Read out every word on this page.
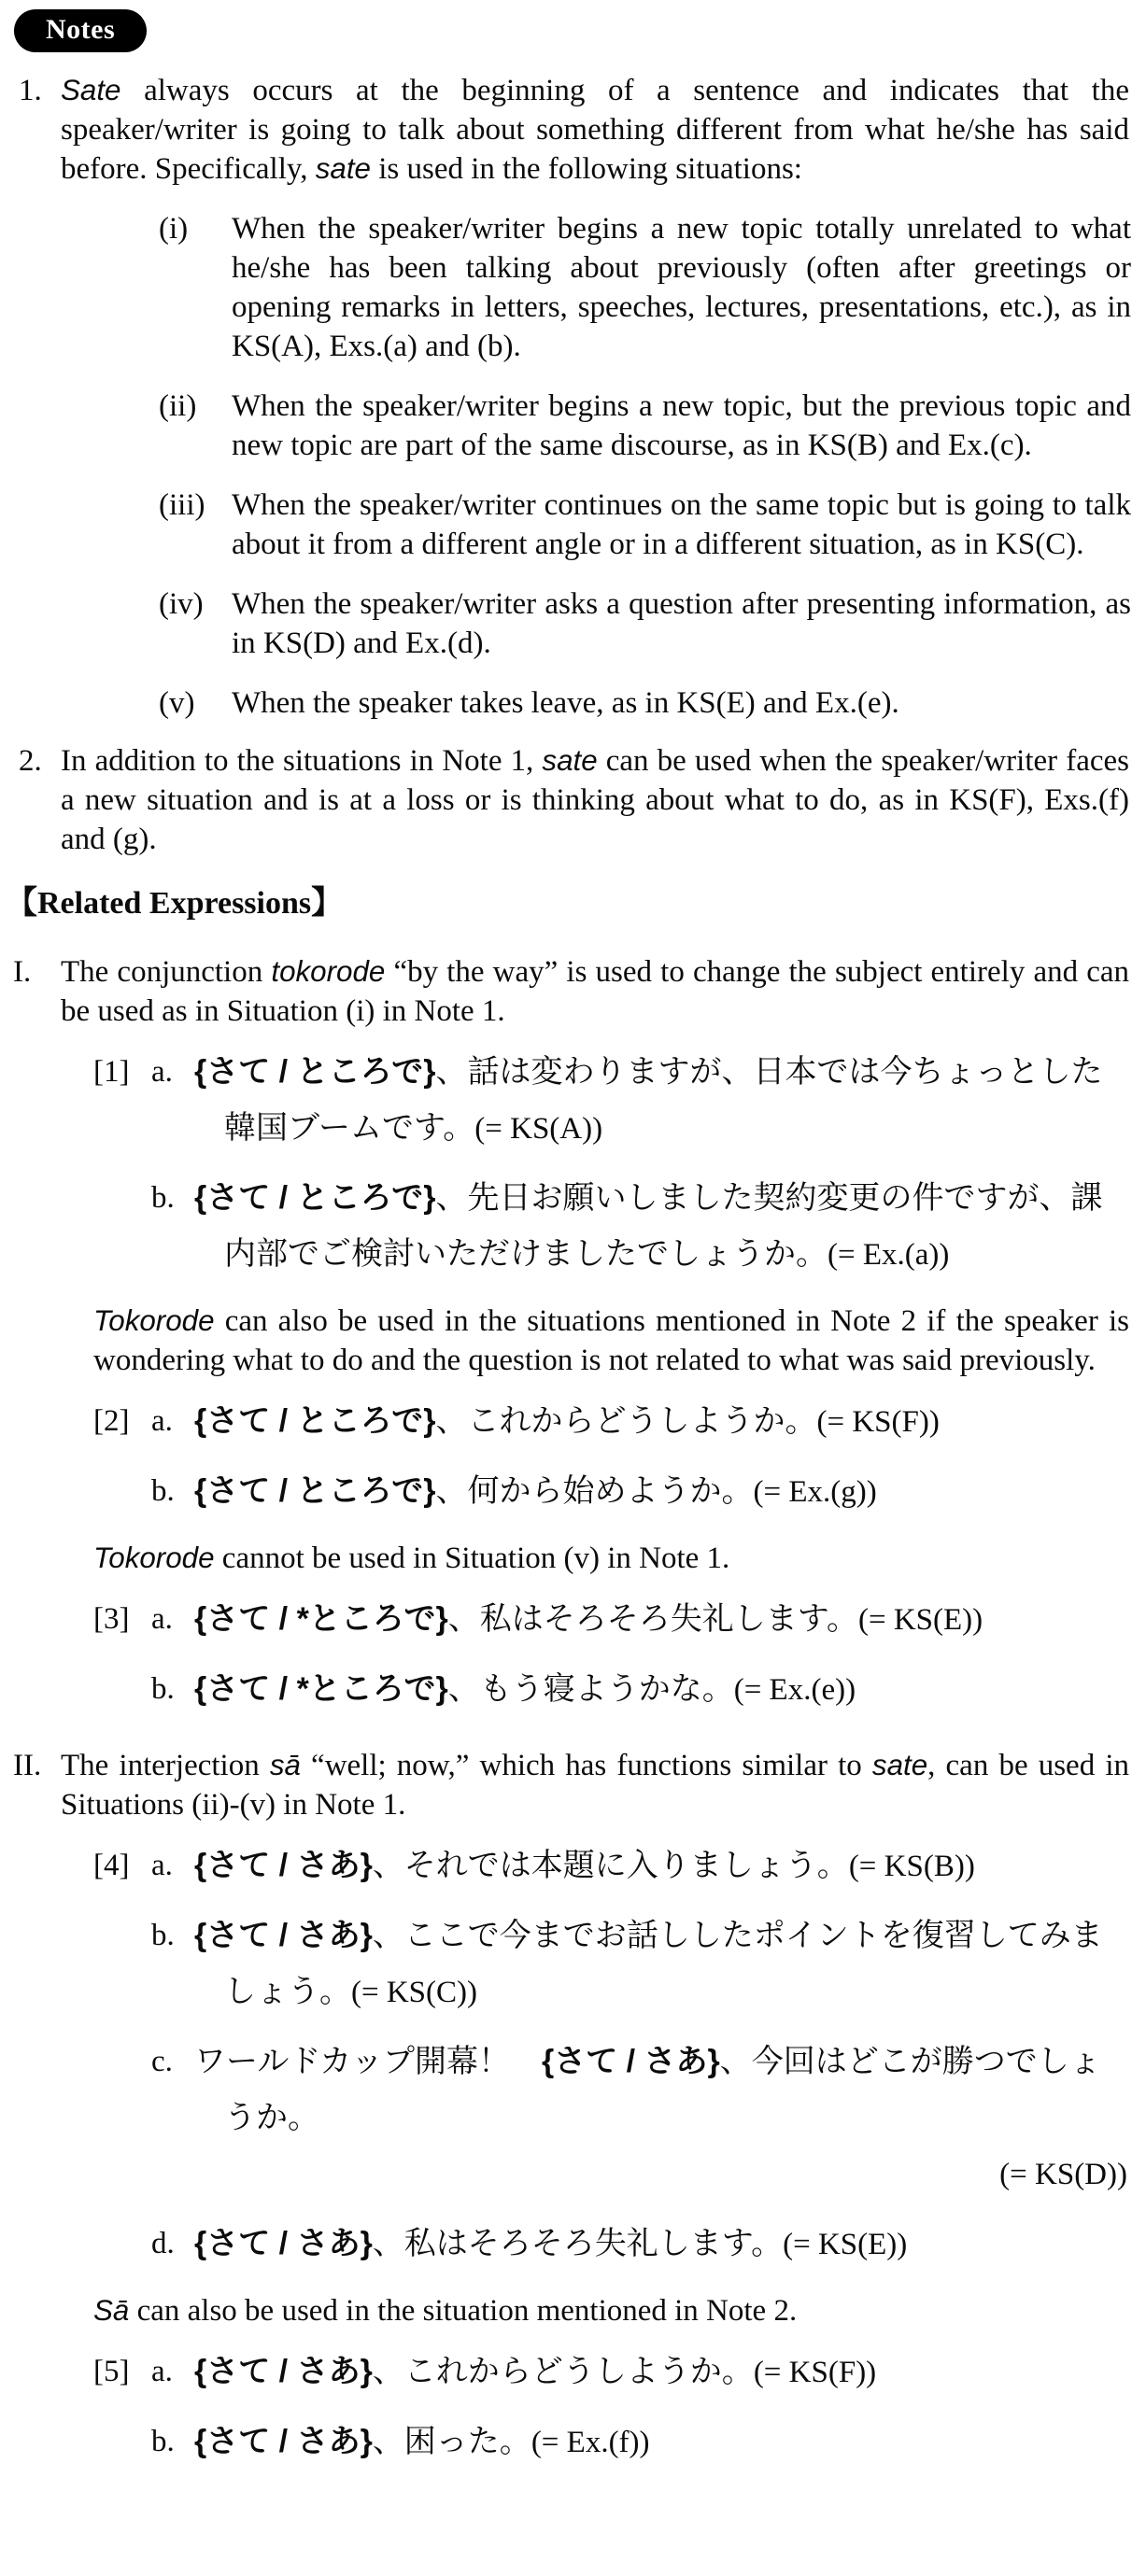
Notes
1. Sate always occurs at the beginning of a sentence and indicates that the speaker/writer is going to talk about something different from what he/she has said before. Specifically, sate is used in the following situations:
(i)	When the speaker/writer begins a new topic totally unrelated to what he/she has been talking about previously (often after greetings or opening remarks in letters, speeches, lectures, presentations, etc.), as in KS(A), Exs.(a) and (b).
(ii)	When the speaker/writer begins a new topic, but the previous topic and new topic are part of the same discourse, as in KS(B) and Ex.(c).
(iii) When the speaker/writer continues on the same topic but is going to talk about it from a different angle or in a different situation, as in KS(C).
(iv) When the speaker/writer asks a question after presenting information, as in KS(D) and Ex.(d).
(v)	When the speaker takes leave, as in KS(E) and Ex.(e).
2. In addition to the situations in Note 1, sate can be used when the speaker/writer faces a new situation and is at a loss or is thinking about what to do, as in KS(F), Exs.(f) and (g).
【Related Expressions】
I. The conjunction tokorode “by the way” is used to change the subject entirely and can be used as in Situation (i) in Note 1.
[1] a. {さて / ところで}、話は変わりますが、日本では今ちょっとした韓国ブームです。(= KS(A))
b. {さて / ところで}、先日お願いしました契約変更の件ですが、課内部でご検討いただけましたでしょうか。(= Ex.(a))
Tokorode can also be used in the situations mentioned in Note 2 if the speaker is wondering what to do and the question is not related to what was said previously.
[2] a. {さて / ところで}、これからどうしようか。(= KS(F))
b. {さて / ところで}、何から始めようか。(= Ex.(g))
Tokorode cannot be used in Situation (v) in Note 1.
[3] a. {さて / *ところで}、私はそろそろ失礼します。(= KS(E))
b. {さて / *ところで}、もう寝ようかな。(= Ex.(e))
II. The interjection sā “well; now,” which has functions similar to sate, can be used in Situations (ii)-(v) in Note 1.
[4] a. {さて / さあ}、それでは本題に入りましょう。(= KS(B))
b. {さて / さあ}、ここで今までお話ししたポイントを復習してみましょう。(= KS(C))
c. ワールドカップ開幕！　{さて / さあ}、今回はどこが勝つでしょうか。
(= KS(D))
d. {さて / さあ}、私はそろそろ失礼します。(= KS(E))
Sā can also be used in the situation mentioned in Note 2.
[5] a. {さて / さあ}、これからどうしようか。(= KS(F))
b. {さて / さあ}、困った。(= Ex.(f))
